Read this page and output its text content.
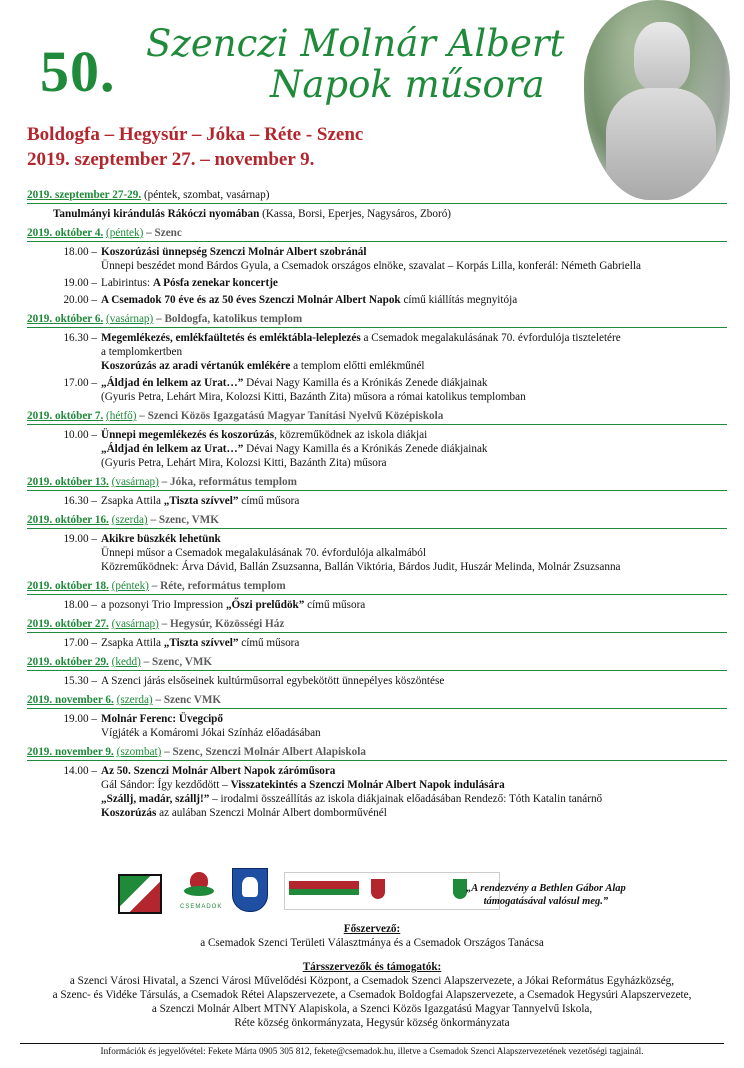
50. Szenczi Molnár Albert
Napok műsora
Boldogfa – Hegysúr – Jóka – Réte - Szenc
2019. szeptember 27. – november 9.
2019. szeptember 27-29. (péntek, szombat, vasárnap)
Tanulmányi kirándulás Rákóczi nyomában (Kassa, Borsi, Eperjes, Nagysáros, Zboró)
2019. október 4. (péntek) – Szenc
18.00 – Koszorúzási ünnepség Szenczi Molnár Albert szobránál
Ünnepi beszédet mond Bárdos Gyula, a Csemadok országos elnöke, szavalat – Korpás Lilla, konferál: Németh Gabriella
19.00 – Labirintus: A Pósfa zenekar koncertje
20.00 – A Csemadok 70 éve és az 50 éves Szenczi Molnár Albert Napok című kiállítás megnyitója
2019. október 6. (vasárnap) – Boldogfa, katolikus templom
16.30 – Megemlékezés, emlékfaültetés és emléktábla-leleplezés a Csemadok megalakulásának 70. évfordulója tiszteletére
a templomkertben
Koszorúzás az aradi vértanúk emlékére a templom előtti emlékműnél
17.00 – „Áldjad én lelkem az Urat…” Dévai Nagy Kamilla és a Krónikás Zenede diákjainak
(Gyuris Petra, Lehárt Mira, Kolozsi Kitti, Bazánth Zita) műsora a római katolikus templomban
2019. október 7. (hétfő) – Szenci Közös Igazgatású Magyar Tanítási Nyelvű Középiskola
10.00 – Ünnepi megemlékezés és koszorúzás, közreműködnek az iskola diákjai
„Áldjad én lelkem az Urat…” Dévai Nagy Kamilla és a Krónikás Zenede diákjainak
(Gyuris Petra, Lehárt Mira, Kolozsi Kitti, Bazánth Zita) műsora
2019. október 13. (vasárnap) – Jóka, református templom
16.30 – Zsapka Attila „Tiszta szívvel” című műsora
2019. október 16. (szerda) – Szenc, VMK
19.00 – Akikre büszkék lehetünk
Ünnepi műsor a Csemadok megalakulásának 70. évfordulója alkalmából
Közreműködnek: Árva Dávid, Ballán Zsuzsanna, Ballán Viktória, Bárdos Judit, Huszár Melinda, Molnár Zsuzsanna
2019. október 18. (péntek) – Réte, református templom
18.00 – a pozsonyi Trio Impression „Őszi prelűdök” című műsora
2019. október 27. (vasárnap) – Hegysúr, Közösségi Ház
17.00 – Zsapka Attila „Tiszta szívvel” című műsora
2019. október 29. (kedd) – Szenc, VMK
15.30 – A Szenci járás elsőseinek kultúrműsorral egybekötött ünnepélyes köszöntése
2019. november 6. (szerda) – Szenc VMK
19.00 – Molnár Ferenc: Üvegcipő
Vígjáték a Komáromi Jókai Színház előadásában
2019. november 9. (szombat) – Szenc, Szenczi Molnár Albert Alapiskola
14.00 – Az 50. Szenczi Molnár Albert Napok záróműsora
Gál Sándor: Így kezdődött – Visszatekintés a Szenczi Molnár Albert Napok indulására
„Szállj, madár, szállj!” – irodalmi összeállítás az iskola diákjainak előadásában Rendező: Tóth Katalin tanárnő
Koszorúzás az aulában Szenczi Molnár Albert domborművénél
CSEMADOK
„A rendezvény a Bethlen Gábor Alap
támogatásával valósul meg.”
Főszervező:
a Csemadok Szenci Területi Választmánya és a Csemadok Országos Tanácsa
Társszervezők és támogatók:
a Szenci Városi Hivatal, a Szenci Városi Művelődési Központ, a Csemadok Szenci Alapszervezete, a Jókai Református Egyházközség,
a Szenc- és Vidéke Társulás, a Csemadok Rétei Alapszervezete, a Csemadok Boldogfai Alapszervezete, a Csemadok Hegysúri Alapszervezete,
a Szenczi Molnár Albert MTNY Alapiskola, a Szenci Közös Igazgatású Magyar Tannyelvű Iskola,
Réte község önkormányzata, Hegysúr község önkormányzata
Információk és jegyelővétel: Fekete Márta 0905 305 812, fekete@csemadok.hu, illetve a Csemadok Szenci Alapszervezetének vezetőségi tagjainál.
